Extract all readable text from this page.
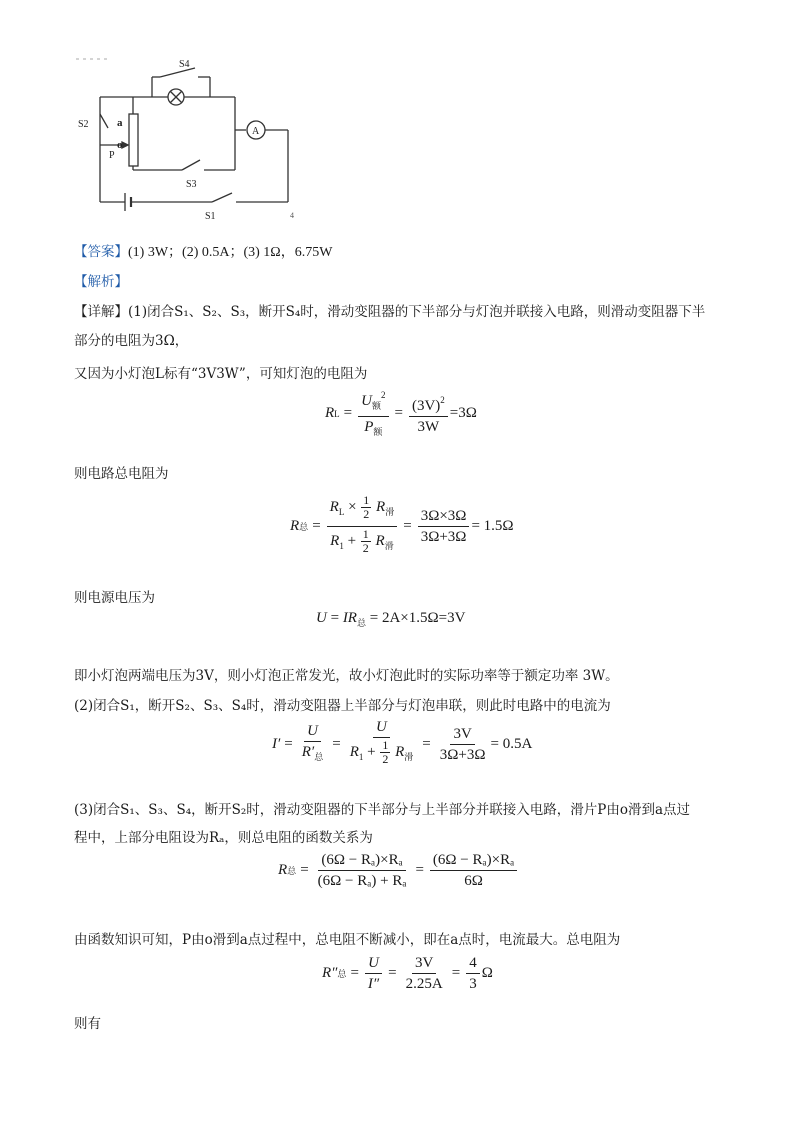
S4
S2	a
o
P
S3
S1
A
4
【答案】(1) 3W；(2) 0.5A；(3) 1Ω，6.75W
【解析】
【详解】(1)闭合S₁、S₂、S₃，断开S₄时，滑动变阻器的下半部分与灯泡并联接入电路，则滑动变阻器下半
部分的电阻为3Ω，
又因为小灯泡L标有“3V3W”，可知灯泡的电阻为
R $L = \frac{U_额^2}{P_额} = \frac{(3V)^2}{3W} =3\Omega$
则电路总电阻为
R 总 = $\frac{R_L \times \frac{1}{2} R_滑}{R_1 + \frac{1}{2} R_滑} = \frac{3\Omega\times 3\Omega}{3\Omega+3\Omega} = 1.5\Omega$
则电源电压为
$U = IR_总 = 2A\times 1.5\Omega=3V$
即小灯泡两端电压为3V，则小灯泡正常发光，故小灯泡此时的实际功率等于额定功率 3W。
(2)闭合S₁，断开S₂、S₃、S₄时，滑动变阻器上半部分与灯泡串联，则此时电路中的电流为
$I' = \frac{U}{R'_总} = \frac{U}{R_1 + \frac{1}{2} R_滑} = \frac{3V}{3\Omega+3\Omega} = 0.5A$
(3)闭合S₁、S₃、S₄，断开S₂时，滑动变阻器的下半部分与上半部分并联接入电路，滑片P由o滑到a点过
程中，上部分电阻设为Rₐ，则总电阻的函数关系为
R 总 = $\frac{\text{(6Ω − Rₐ)×Rₐ}}{\text{(6Ω − Rₐ) + Rₐ}} = \frac{\text{(6Ω − Rₐ)×Rₐ}}{6\Omega}$
由函数知识可知，P由o滑到a点过程中，总电阻不断减小，即在a点时，电流最大。总电阻为
R″ 总 = $\frac{U}{I''} = \frac{3V}{2.25A} = \frac{4}{3}$ Ω
则有
